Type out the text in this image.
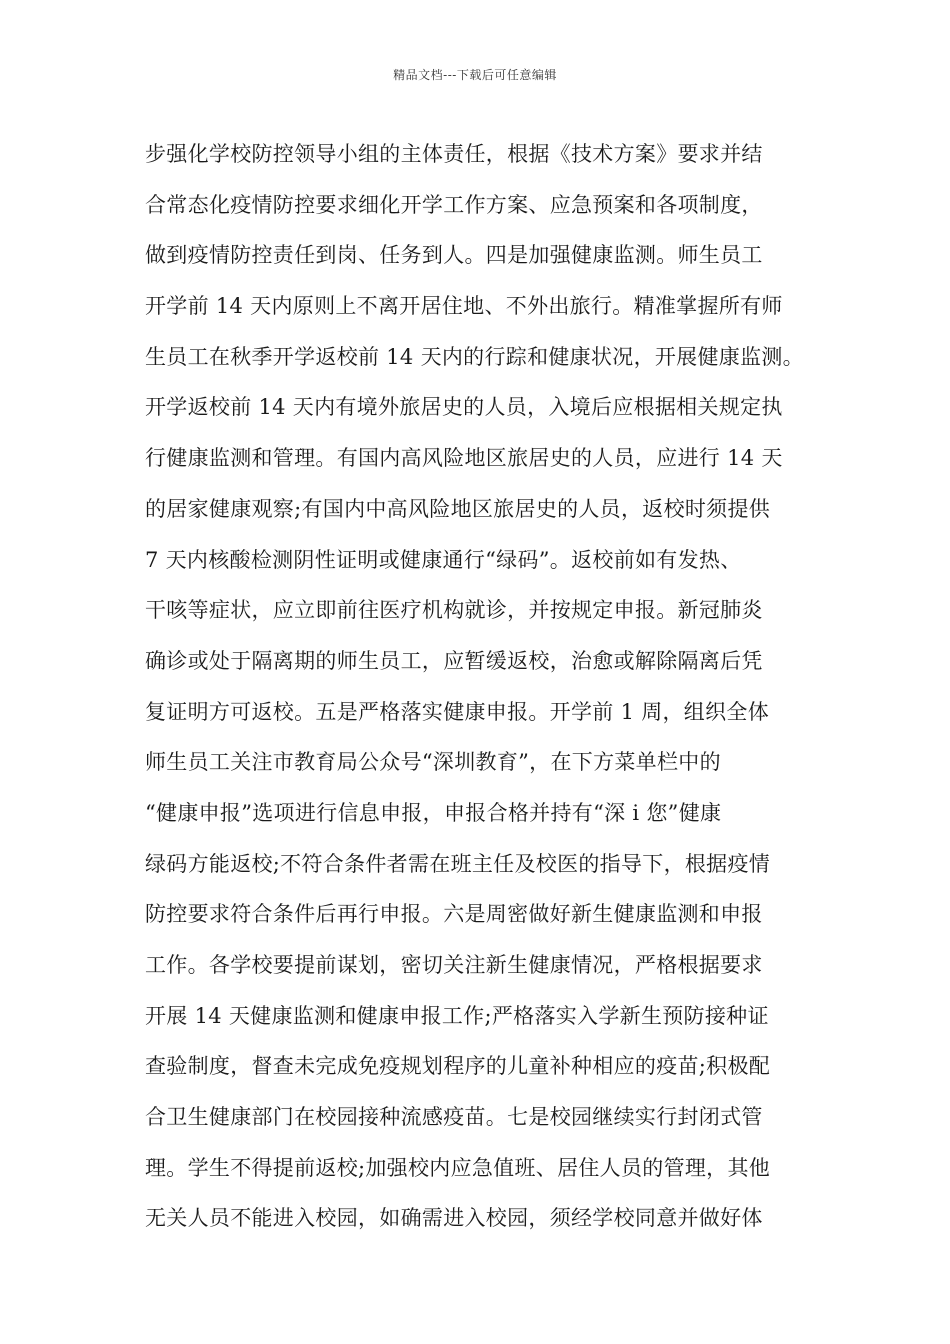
精品文档---下载后可任意编辑
步强化学校防控领导小组的主体责任，根据《技术方案》要求并结
合常态化疫情防控要求细化开学工作方案、应急预案和各项制度，
做到疫情防控责任到岗、任务到人。四是加强健康监测。师生员工
开学前 14 天内原则上不离开居住地、不外出旅行。精准掌握所有师
生员工在秋季开学返校前 14 天内的行踪和健康状况，开展健康监测。
开学返校前 14 天内有境外旅居史的人员，入境后应根据相关规定执
行健康监测和管理。有国内高风险地区旅居史的人员，应进行 14 天
的居家健康观察;有国内中高风险地区旅居史的人员，返校时须提供
7 天内核酸检测阴性证明或健康通行“绿码”。返校前如有发热、
干咳等症状，应立即前往医疗机构就诊，并按规定申报。新冠肺炎
确诊或处于隔离期的师生员工，应暂缓返校，治愈或解除隔离后凭
复证明方可返校。五是严格落实健康申报。开学前 1 周，组织全体
师生员工关注市教育局公众号“深圳教育”，在下方菜单栏中的
“健康申报”选项进行信息申报，申报合格并持有“深 i 您”健康
绿码方能返校;不符合条件者需在班主任及校医的指导下，根据疫情
防控要求符合条件后再行申报。六是周密做好新生健康监测和申报
工作。各学校要提前谋划，密切关注新生健康情况，严格根据要求
开展 14 天健康监测和健康申报工作;严格落实入学新生预防接种证
查验制度，督查未完成免疫规划程序的儿童补种相应的疫苗;积极配
合卫生健康部门在校园接种流感疫苗。七是校园继续实行封闭式管
理。学生不得提前返校;加强校内应急值班、居住人员的管理，其他
无关人员不能进入校园，如确需进入校园，须经学校同意并做好体
